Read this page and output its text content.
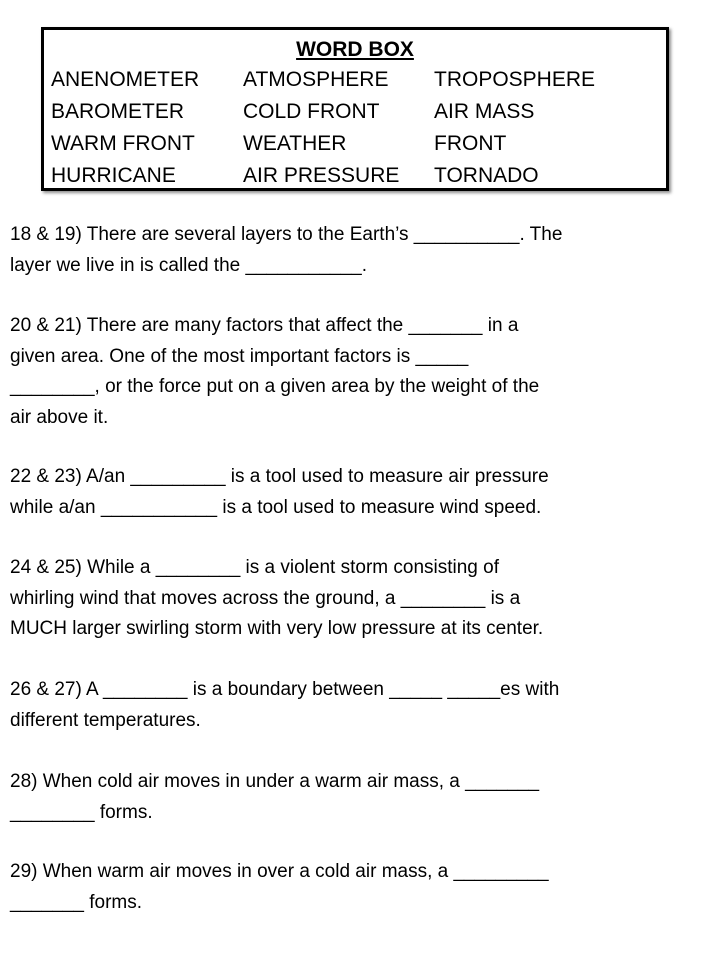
WORD BOX
ANENOMETER
BAROMETER
WARM FRONT
HURRICANE
ATMOSPHERE
COLD FRONT
WEATHER
AIR PRESSURE
TROPOSPHERE
AIR MASS
FRONT
TORNADO
18 & 19) There are several layers to the Earth’s __________. The
layer we live in is called the ___________.
20 & 21) There are many factors that affect the _______ in a
given area. One of the most important factors is _____
________, or the force put on a given area by the weight of the
air above it.
22 & 23) A/an _________ is a tool used to measure air pressure
while a/an ___________ is a tool used to measure wind speed.
24 & 25) While a ________ is a violent storm consisting of
whirling wind that moves across the ground, a ________ is a
MUCH larger swirling storm with very low pressure at its center.
26 & 27) A ________ is a boundary between _____ _____es with
different temperatures.
28) When cold air moves in under a warm air mass, a _______
________ forms.
29) When warm air moves in over a cold air mass, a _________
_______ forms.
